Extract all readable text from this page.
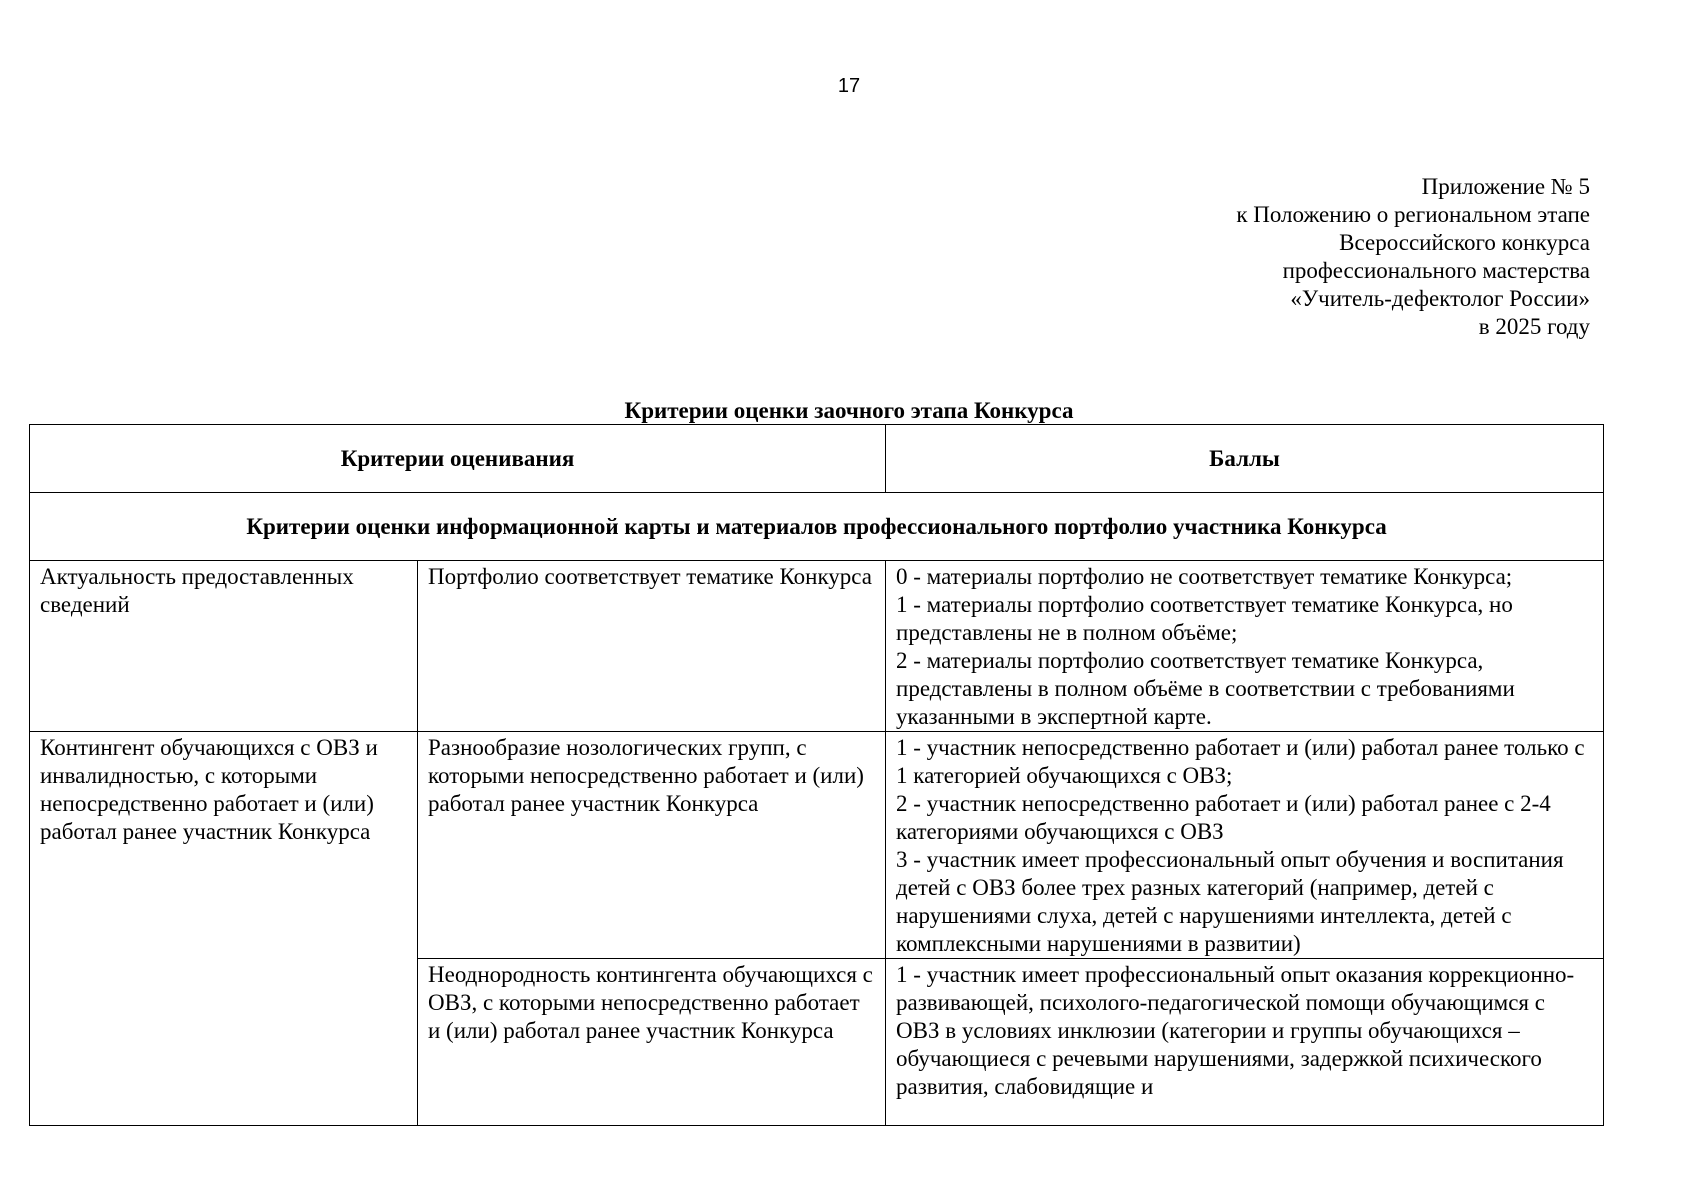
17
Приложение № 5
к Положению о региональном этапе
Всероссийского конкурса
профессионального мастерства
«Учитель-дефектолог России»
в 2025 году
Критерии оценки заочного этапа Конкурса
Критерии оценивания		Баллы
Критерии оценки информационной карты и материалов профессионального портфолио участника Конкурса		
Актуальность предоставленных сведений	Портфолио соответствует тематике Конкурса	0 - материалы портфолио не соответствует тематике Конкурса;
1 - материалы портфолио соответствует тематике Конкурса, но представлены не в полном объёме;
2 - материалы портфолио соответствует тематике Конкурса, представлены в полном объёме в соответствии с требованиями указанными в экспертной карте.

Контингент обучающихся с ОВЗ и инвалидностью, с которыми непосредственно работает и (или) работал ранее участник Конкурса	Разнообразие нозологических групп, с которыми непосредственно работает и (или) работал ранее участник Конкурса	1 - участник непосредственно работает и (или) работал ранее только с 1 категорией обучающихся с ОВЗ;
2 - участник непосредственно работает и (или) работал ранее с 2-4 категориями обучающихся с ОВЗ
3 - участник имеет профессиональный опыт обучения и воспитания детей с ОВЗ более трех разных категорий (например, детей с нарушениями слуха, детей с нарушениями интеллекта, детей с комплексными нарушениями в развитии)

	Неоднородность контингента обучающихся с ОВЗ, с которыми непосредственно работает и (или) работал ранее участник Конкурса	1 - участник имеет профессиональный опыт оказания коррекционно-развивающей, психолого-педагогической помощи обучающимся с ОВЗ в условиях инклюзии (категории и группы обучающихся – обучающиеся с речевыми нарушениями, задержкой психического развития, слабовидящие и
